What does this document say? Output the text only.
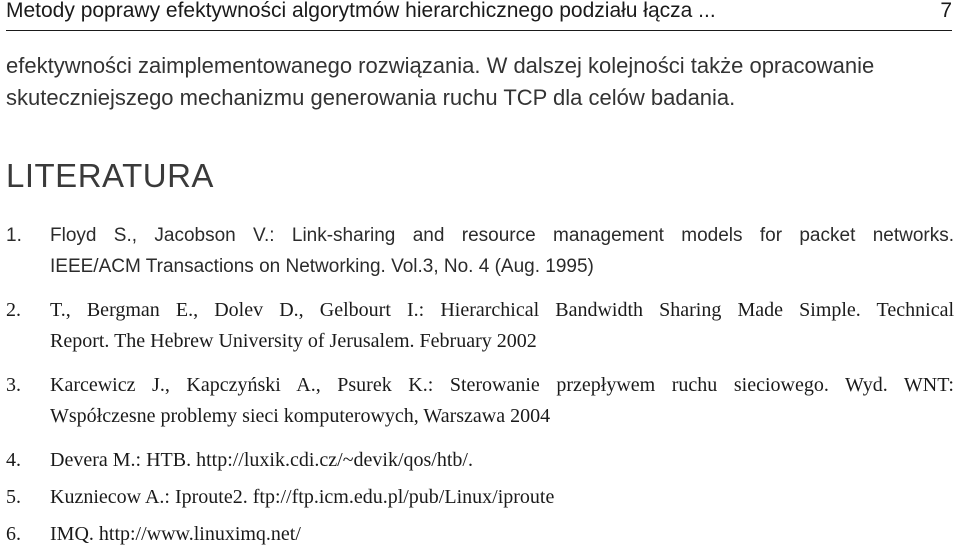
Metody poprawy efektywności algorytmów hierarchicznego podziału łącza ...	7

efektywności zaimplementowanego rozwiązania. W dalszej kolejności także opracowanie

skuteczniejszego mechanizmu generowania ruchu TCP dla celów badania.

LITERATURA
1. Floyd S., Jacobson V.: Link-sharing and resource management models for packet networks.
IEEE/ACM Transactions on Networking. Vol.3, No. 4 (Aug. 1995)
2. T., Bergman E., Dolev D., Gelbourt I.: Hierarchical Bandwidth Sharing Made Simple. Technical
Report. The Hebrew University of Jerusalem. February 2002
3. Karcewicz J., Kapczyński A., Psurek K.: Sterowanie przepływem ruchu sieciowego. Wyd. WNT:
Współczesne problemy sieci komputerowych, Warszawa 2004
4. Devera M.: HTB. http://luxik.cdi.cz/~devik/qos/htb/.
5. Kuzniecow A.: Iproute2. ftp://ftp.icm.edu.pl/pub/Linux/iproute
6. IMQ. http://www.linuximq.net/
